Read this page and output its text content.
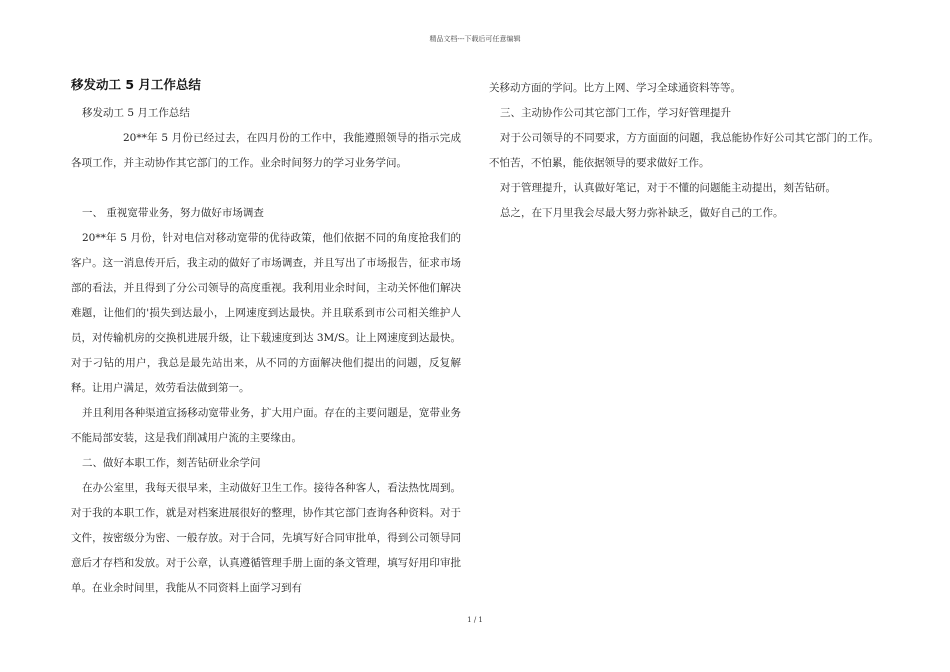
精品文档---下载后可任意编辑
移发动工 5 月工作总结

移发动工 5 月工作总结

20**年 5 月份已经过去，在四月份的工作中，我能遵照领导的指示完成各项工作，并主动协作其它部门的工作。业余时间努力的学习业务学问。

一、 重视宽带业务，努力做好市场调查

20**年 5 月份，针对电信对移动宽带的优待政策，他们依据不同的角度抢我们的客户。这一消息传开后，我主动的做好了市场调查，并且写出了市场报告，征求市场部的看法，并且得到了分公司领导的高度重视。我利用业余时间，主动关怀他们解决难题，让他们的'损失到达最小，上网速度到达最快。并且联系到市公司相关维护人员，对传输机房的交换机进展升级，让下载速度到达 3M/S。让上网速度到达最快。对于刁钻的用户，我总是最先站出来，从不同的方面解决他们提出的问题，反复解释。让用户满足，效劳看法做到第一。

并且利用各种渠道宣扬移动宽带业务，扩大用户面。存在的主要问题是，宽带业务不能局部安装，这是我们削减用户流的主要缘由。

二、做好本职工作，刻苦钻研业余学问

在办公室里，我每天很早来，主动做好卫生工作。接待各种客人，看法热忱周到。对于我的本职工作，就是对档案进展很好的整理，协作其它部门查询各种资料。对于文件，按密级分为密、一般存放。对于合同，先填写好合同审批单，得到公司领导同意后才存档和发放。对于公章，认真遵循管理手册上面的条文管理，填写好用印审批单。在业余时间里，我能从不同资料上面学习到有

关移动方面的学问。比方上网、学习全球通资料等等。

三、主动协作公司其它部门工作，学习好管理提升

对于公司领导的不同要求，方方面面的问题，我总能协作好公司其它部门的工作。不怕苦，不怕累，能依据领导的要求做好工作。

对于管理提升，认真做好笔记，对于不懂的问题能主动提出，刻苦钻研。

总之，在下月里我会尽最大努力弥补缺乏，做好自己的工作。

1 / 1
